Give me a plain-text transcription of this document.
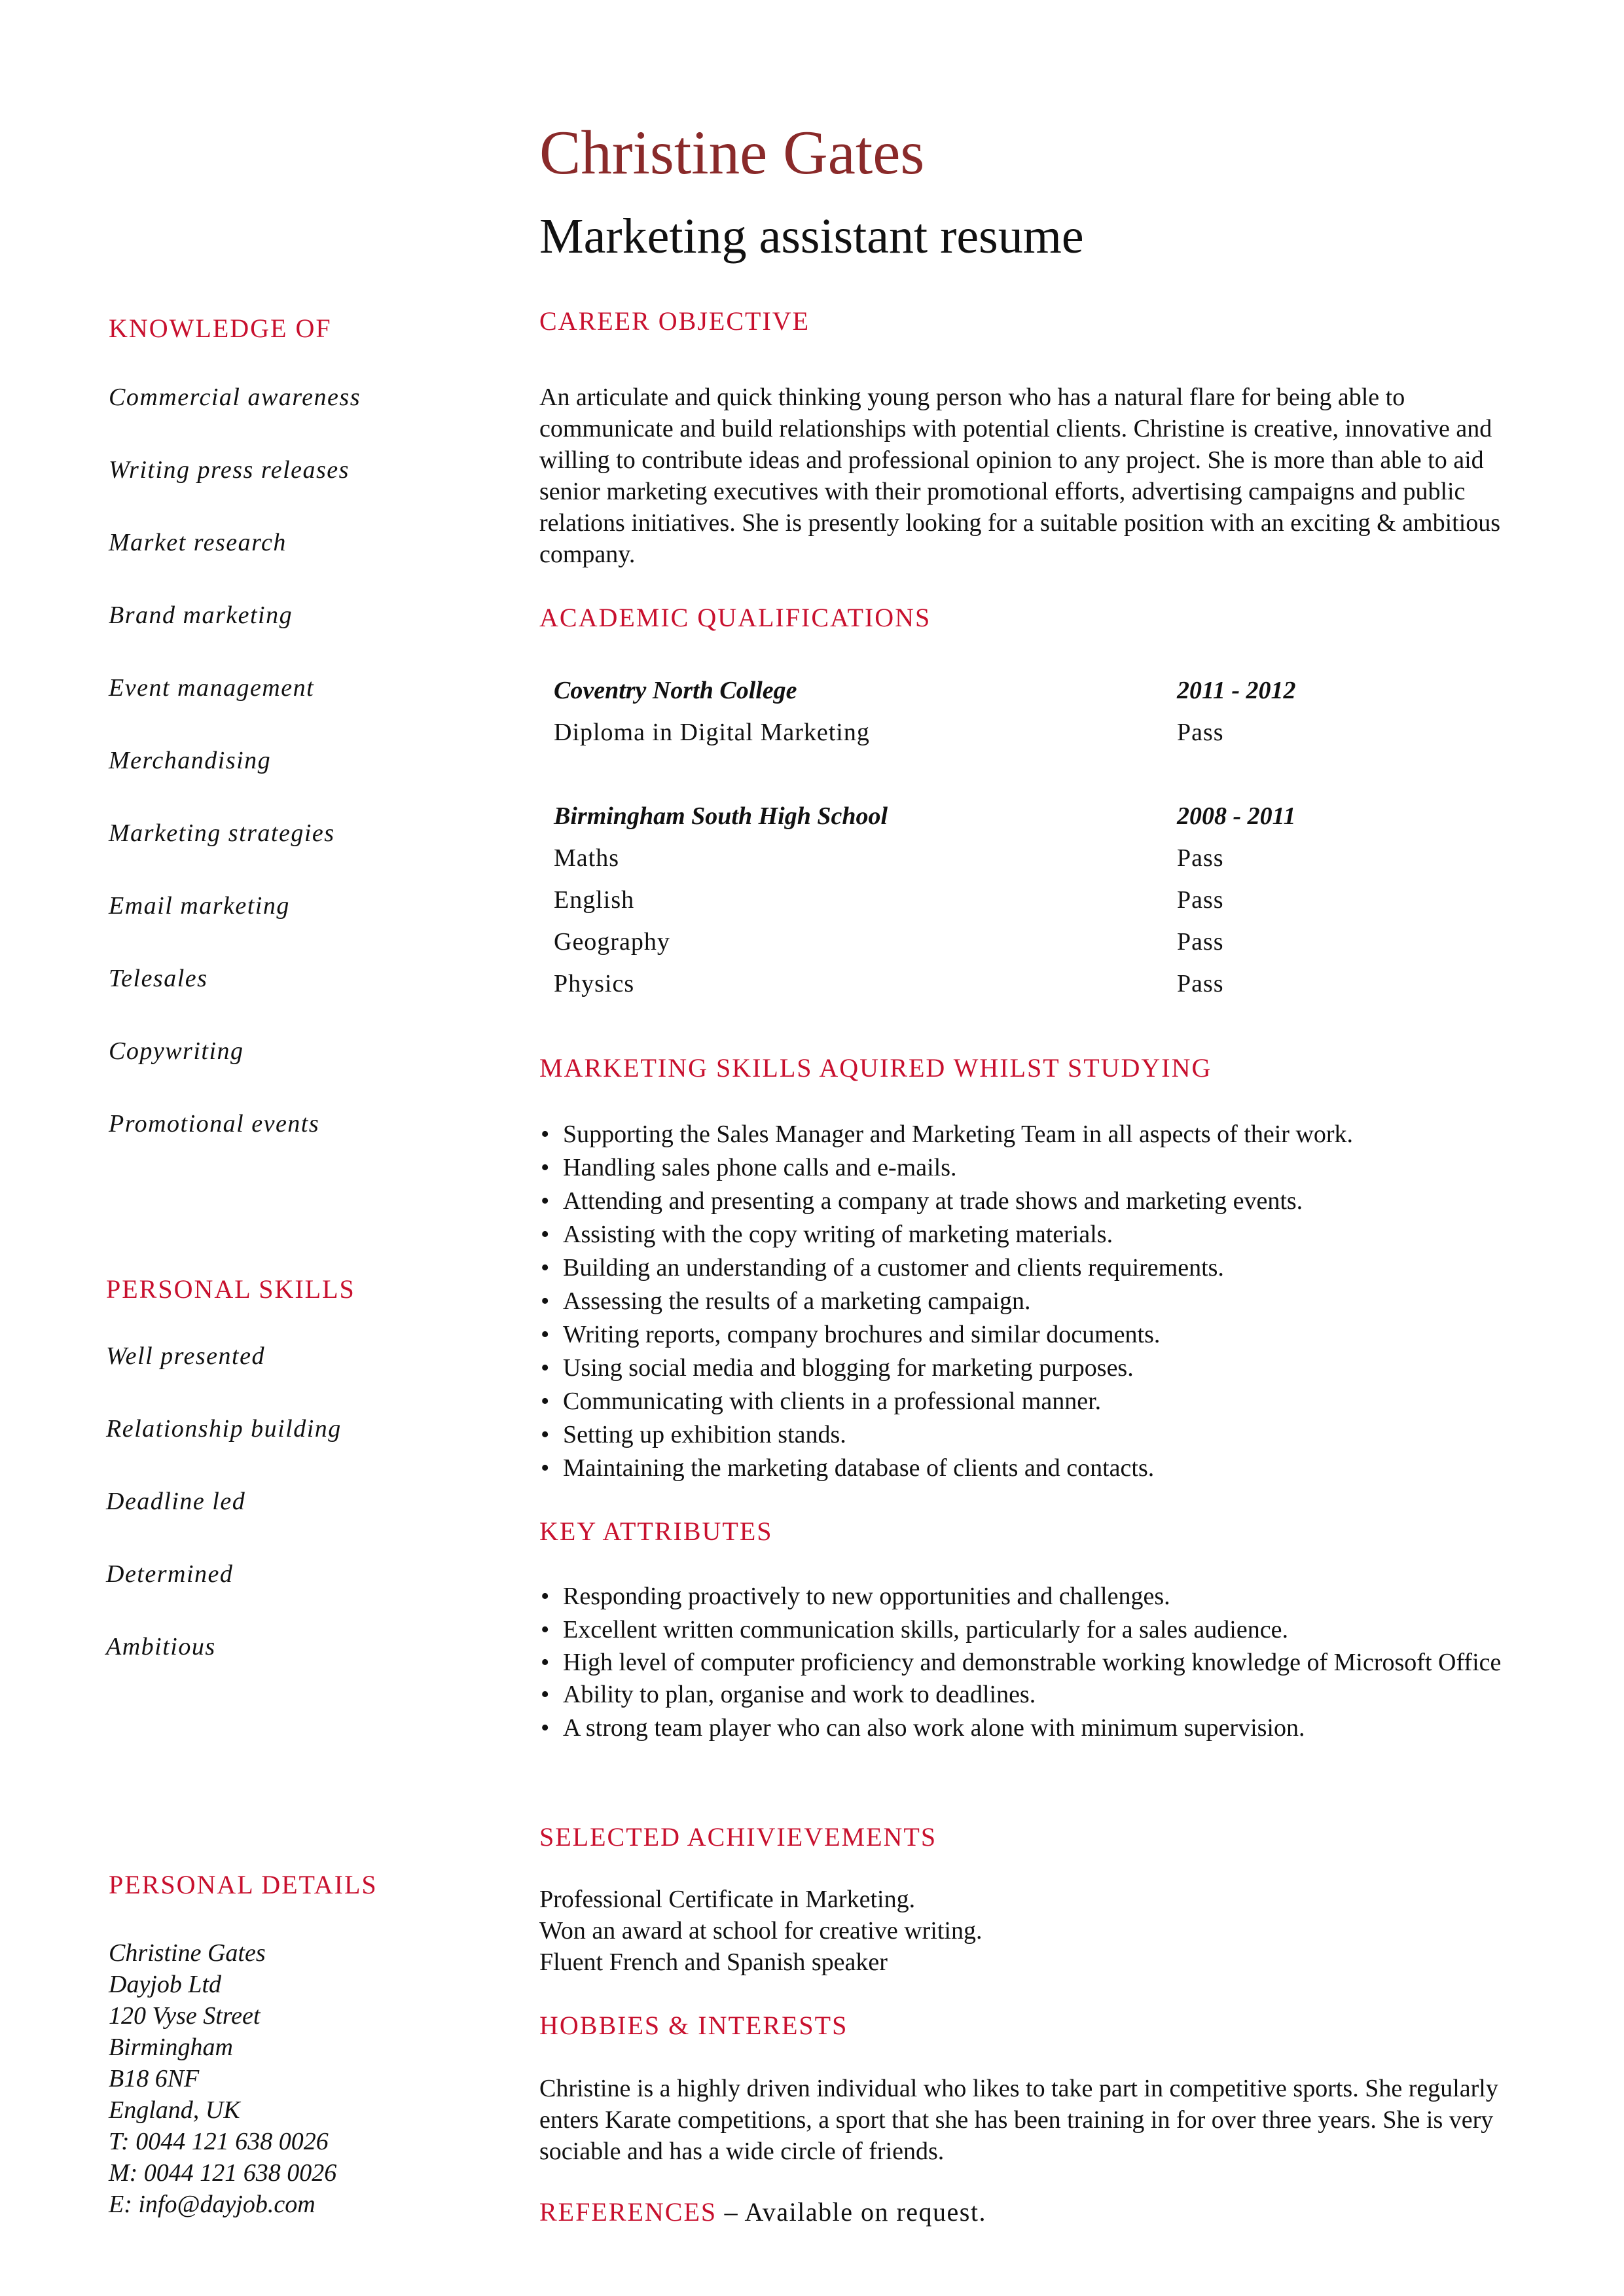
Christine Gates
Marketing assistant resume
KNOWLEDGE OF
Commercial awareness
Writing press releases
Market research
Brand marketing
Event management
Merchandising
Marketing strategies
Email marketing
Telesales
Copywriting
Promotional events
PERSONAL SKILLS
Well presented
Relationship building
Deadline led
Determined
Ambitious
PERSONAL DETAILS
Christine Gates
Dayjob Ltd
120 Vyse Street
Birmingham
B18 6NF
England, UK
T: 0044 121 638 0026
M: 0044 121 638 0026
E: info@dayjob.com
CAREER OBJECTIVE

An articulate and quick thinking young person who has a natural flare for being able to communicate and build relationships with potential clients. Christine is creative, innovative and willing to contribute ideas and professional opinion to any project. She is more than able to aid senior marketing executives with their promotional efforts, advertising campaigns and public relations initiatives. She is presently looking for a suitable position with an exciting & ambitious company.

ACADEMIC QUALIFICATIONS
Coventry North College	2011 - 2012
Diploma in Digital Marketing	Pass
Birmingham South High School	2008 - 2011
Maths	Pass
English	Pass
Geography	Pass
Physics	Pass
MARKETING SKILLS AQUIRED WHILST STUDYING
• Supporting the Sales Manager and Marketing Team in all aspects of their work.
• Handling sales phone calls and e-mails.
• Attending and presenting a company at trade shows and marketing events.
• Assisting with the copy writing of marketing materials.
• Building an understanding of a customer and clients requirements.
• Assessing the results of a marketing campaign.
• Writing reports, company brochures and similar documents.
• Using social media and blogging for marketing purposes.
• Communicating with clients in a professional manner.
• Setting up exhibition stands.
• Maintaining the marketing database of clients and contacts.
KEY ATTRIBUTES
• Responding proactively to new opportunities and challenges.
• Excellent written communication skills, particularly for a sales audience.
• High level of computer proficiency and demonstrable working knowledge of Microsoft Office
• Ability to plan, organise and work to deadlines.
• A strong team player who can also work alone with minimum supervision.
SELECTED ACHIVIEVEMENTS
Professional Certificate in Marketing.
Won an award at school for creative writing.
Fluent French and Spanish speaker
HOBBIES & INTERESTS

Christine is a highly driven individual who likes to take part in competitive sports. She regularly enters Karate competitions, a sport that she has been training in for over three years. She is very sociable and has a wide circle of friends.

REFERENCES – Available on request.
